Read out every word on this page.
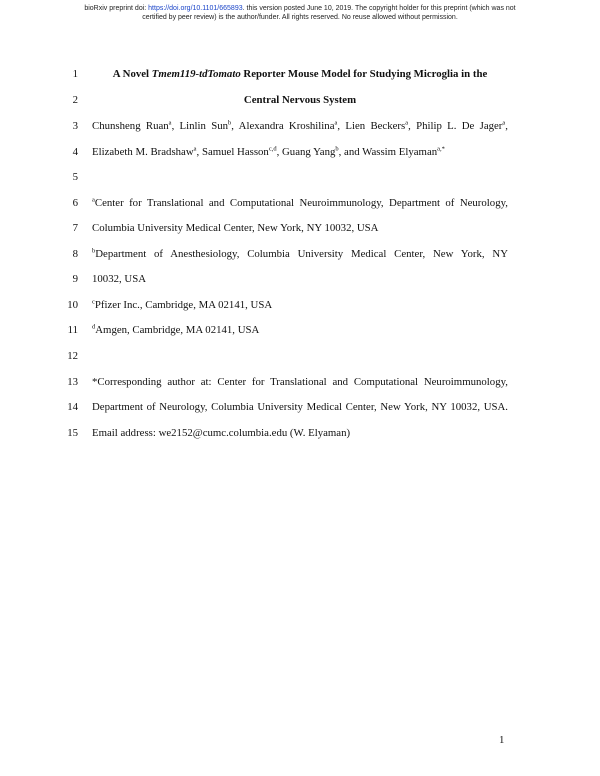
bioRxiv preprint doi: https://doi.org/10.1101/665893. this version posted June 10, 2019. The copyright holder for this preprint (which was not
certified by peer review) is the author/funder. All rights reserved. No reuse allowed without permission.
1
2
3
4
5
6
7
8
9
10
11
12
13
14
15
A Novel Tmem119-tdTomato Reporter Mouse Model for Studying Microglia in the
Central Nervous System
Chunsheng Ruan$^a$, Linlin Sun$^b$, Alexandra Kroshilina$^a$, Lien Beckers$^a$, Philip L. De Jager$^a$,
Elizabeth M. Bradshaw$^a$, Samuel Hasson$^{c,d}$, Guang Yang$^b$, and Wassim Elyaman$^{a,*}$
$^a$Center for Translational and Computational Neuroimmunology, Department of Neurology,
Columbia University Medical Center, New York, NY 10032, USA
$^b$Department of Anesthesiology, Columbia University Medical Center, New York, NY
10032, USA
$^c$Pfizer Inc., Cambridge, MA 02141, USA
$^d$Amgen, Cambridge, MA 02141, USA
*Corresponding author at: Center for Translational and Computational Neuroimmunology,
Department of Neurology, Columbia University Medical Center, New York, NY 10032, USA.
Email address: we2152@cumc.columbia.edu (W. Elyaman)
1
